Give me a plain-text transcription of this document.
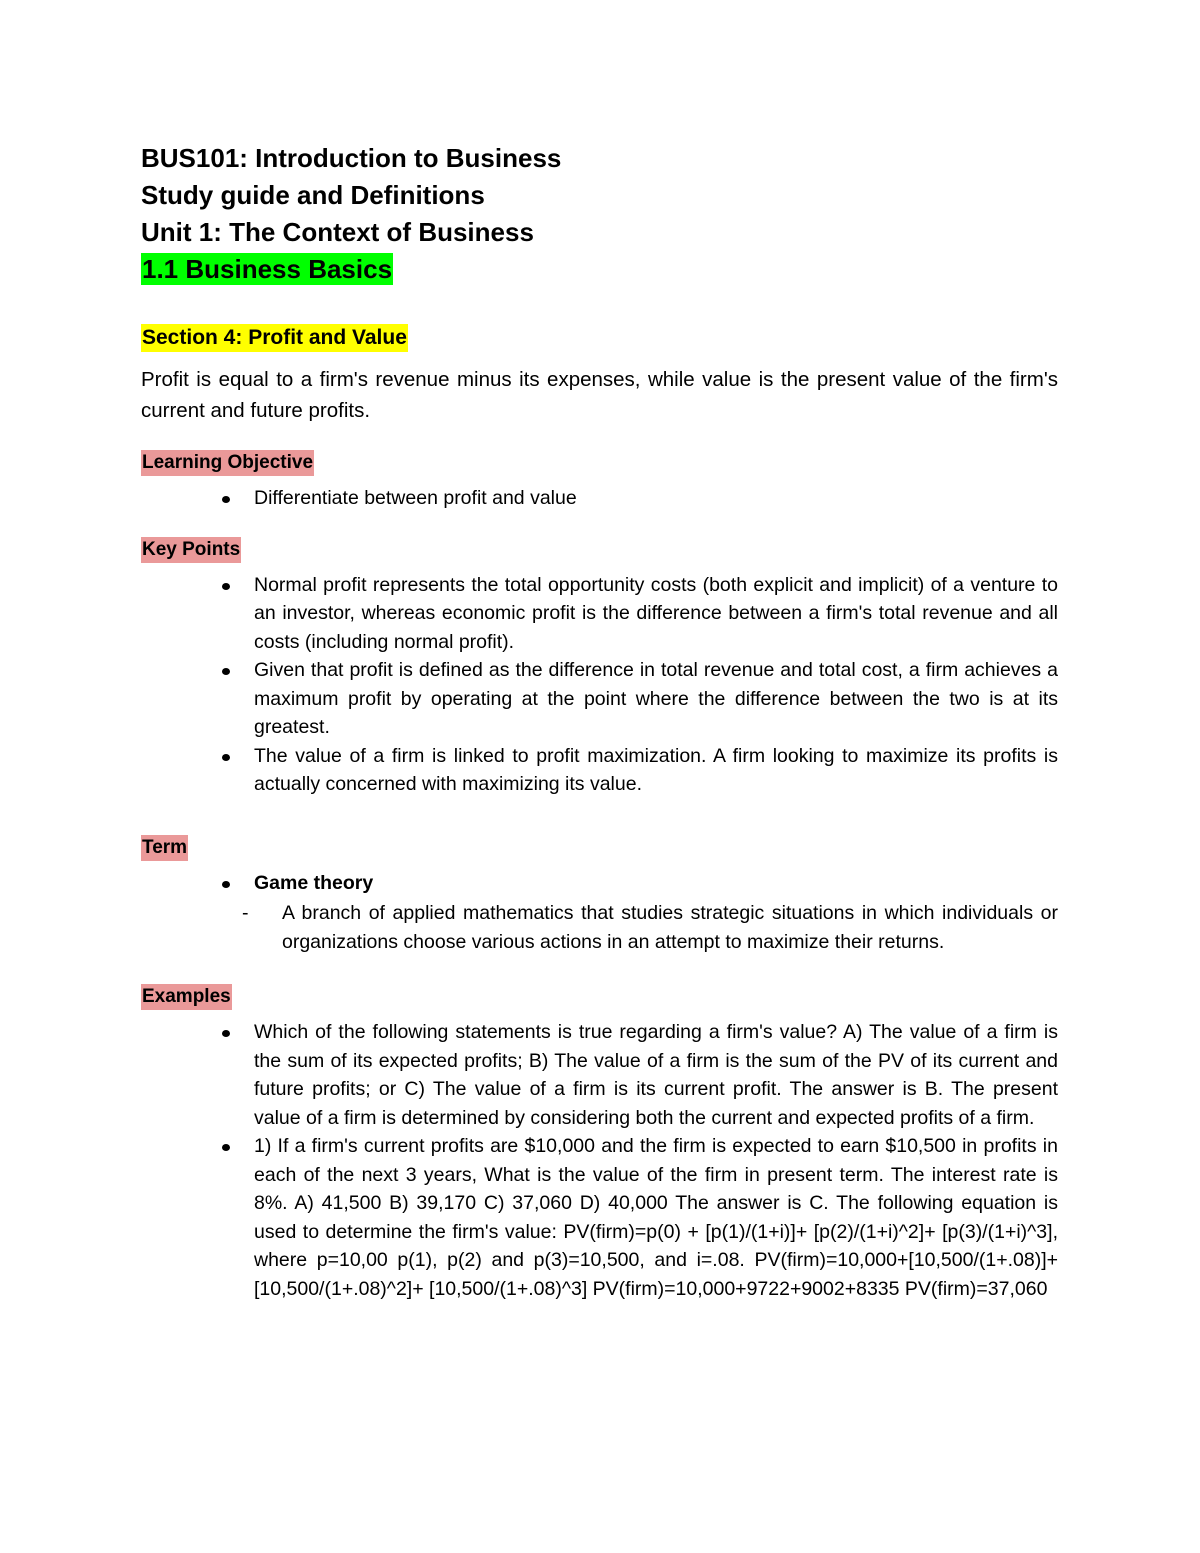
BUS101: Introduction to Business
Study guide and Definitions
Unit 1: The Context of Business
1.1 Business Basics
Section 4: Profit and Value
Profit is equal to a firm's revenue minus its expenses, while value is the present value of the firm's current and future profits.
Learning Objective
Differentiate between profit and value
Key Points
Normal profit represents the total opportunity costs (both explicit and implicit) of a venture to an investor, whereas economic profit is the difference between a firm's total revenue and all costs (including normal profit).
Given that profit is defined as the difference in total revenue and total cost, a firm achieves a maximum profit by operating at the point where the difference between the two is at its greatest.
The value of a firm is linked to profit maximization. A firm looking to maximize its profits is actually concerned with maximizing its value.
Term
Game theory
- A branch of applied mathematics that studies strategic situations in which individuals or organizations choose various actions in an attempt to maximize their returns.
Examples
Which of the following statements is true regarding a firm's value? A) The value of a firm is the sum of its expected profits; B) The value of a firm is the sum of the PV of its current and future profits; or C) The value of a firm is its current profit. The answer is B. The present value of a firm is determined by considering both the current and expected profits of a firm.
1) If a firm's current profits are $10,000 and the firm is expected to earn $10,500 in profits in each of the next 3 years, What is the value of the firm in present term. The interest rate is 8%. A) 41,500 B) 39,170 C) 37,060 D) 40,000 The answer is C. The following equation is used to determine the firm's value: PV(firm)=p(0) + [p(1)/(1+i)]+ [p(2)/(1+i)^2]+ [p(3)/(1+i)^3], where p=10,00 p(1), p(2) and p(3)=10,500, and i=.08. PV(firm)=10,000+[10,500/(1+.08)]+ [10,500/(1+.08)^2]+ [10,500/(1+.08)^3] PV(firm)=10,000+9722+9002+8335 PV(firm)=37,060
